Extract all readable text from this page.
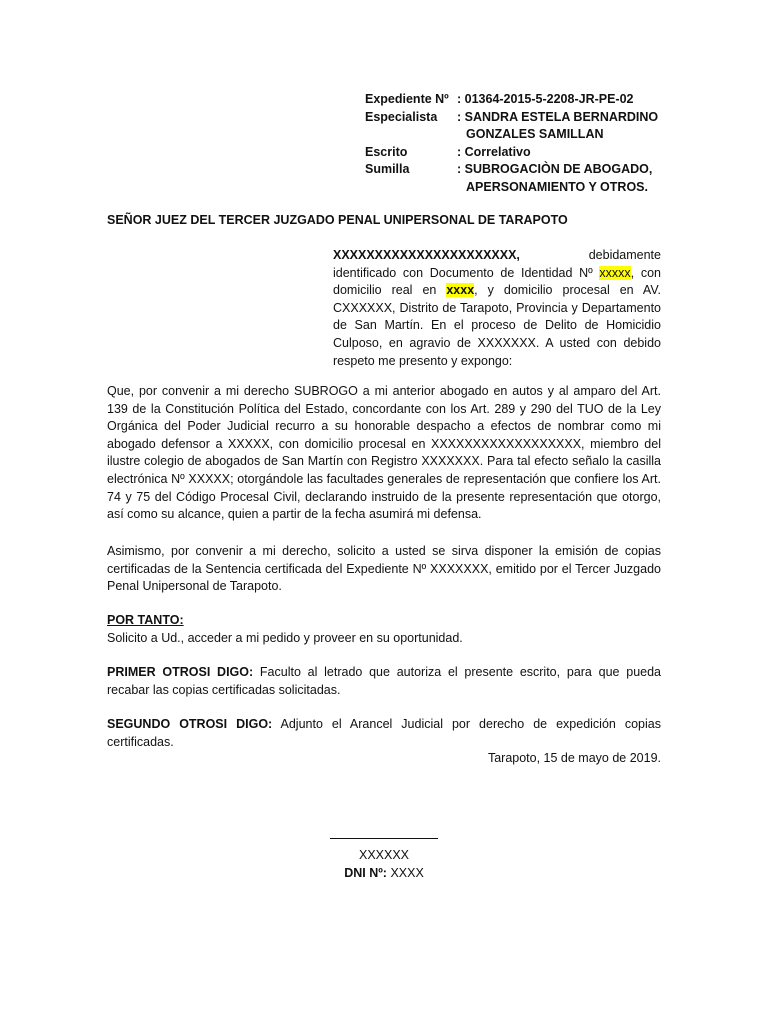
Expediente Nº : 01364-2015-5-2208-JR-PE-02
Especialista	: SANDRA ESTELA BERNARDINO
GONZALES SAMILLAN
Escrito	: Correlativo
Sumilla	: SUBROGACIÒN DE ABOGADO,
APERSONAMIENTO Y OTROS.
SEÑOR JUEZ DEL TERCER JUZGADO PENAL UNIPERSONAL DE TARAPOTO
XXXXXXXXXXXXXXXXXXXXXX, debidamente identificado con Documento de Identidad Nº xxxxx, con domicilio real en xxxx, y domicilio procesal en AV. CXXXXXX, Distrito de Tarapoto, Provincia y Departamento de San Martín. En el proceso de Delito de Homicidio Culposo, en agravio de XXXXXXX. A usted con debido respeto me presento y expongo:
Que, por convenir a mi derecho SUBROGO a mi anterior abogado en autos y al amparo del Art. 139 de la Constitución Política del Estado, concordante con los Art. 289 y 290 del TUO de la Ley Orgánica del Poder Judicial recurro a su honorable despacho a efectos de nombrar como mi abogado defensor a XXXXX, con domicilio procesal en XXXXXXXXXXXXXXXXXX, miembro del ilustre colegio de abogados de San Martín con Registro XXXXXXX. Para tal efecto señalo la casilla electrónica Nº XXXXX; otorgándole las facultades generales de representación que confiere los Art. 74 y 75 del Código Procesal Civil, declarando instruido de la presente representación que otorgo, así como su alcance, quien a partir de la fecha asumirá mi defensa.
Asimismo, por convenir a mi derecho, solicito a usted se sirva disponer la emisión de copias certificadas de la Sentencia certificada del Expediente Nº XXXXXXX, emitido por el Tercer Juzgado Penal Unipersonal de Tarapoto.
POR TANTO:
Solicito a Ud., acceder a mi pedido y proveer en su oportunidad.
PRIMER OTROSI DIGO: Faculto al letrado que autoriza el presente escrito, para que pueda recabar las copias certificadas solicitadas.
SEGUNDO OTROSI DIGO: Adjunto el Arancel Judicial por derecho de expedición copias certificadas.
Tarapoto, 15 de mayo de 2019.
XXXXXX
DNI Nº: XXXX
